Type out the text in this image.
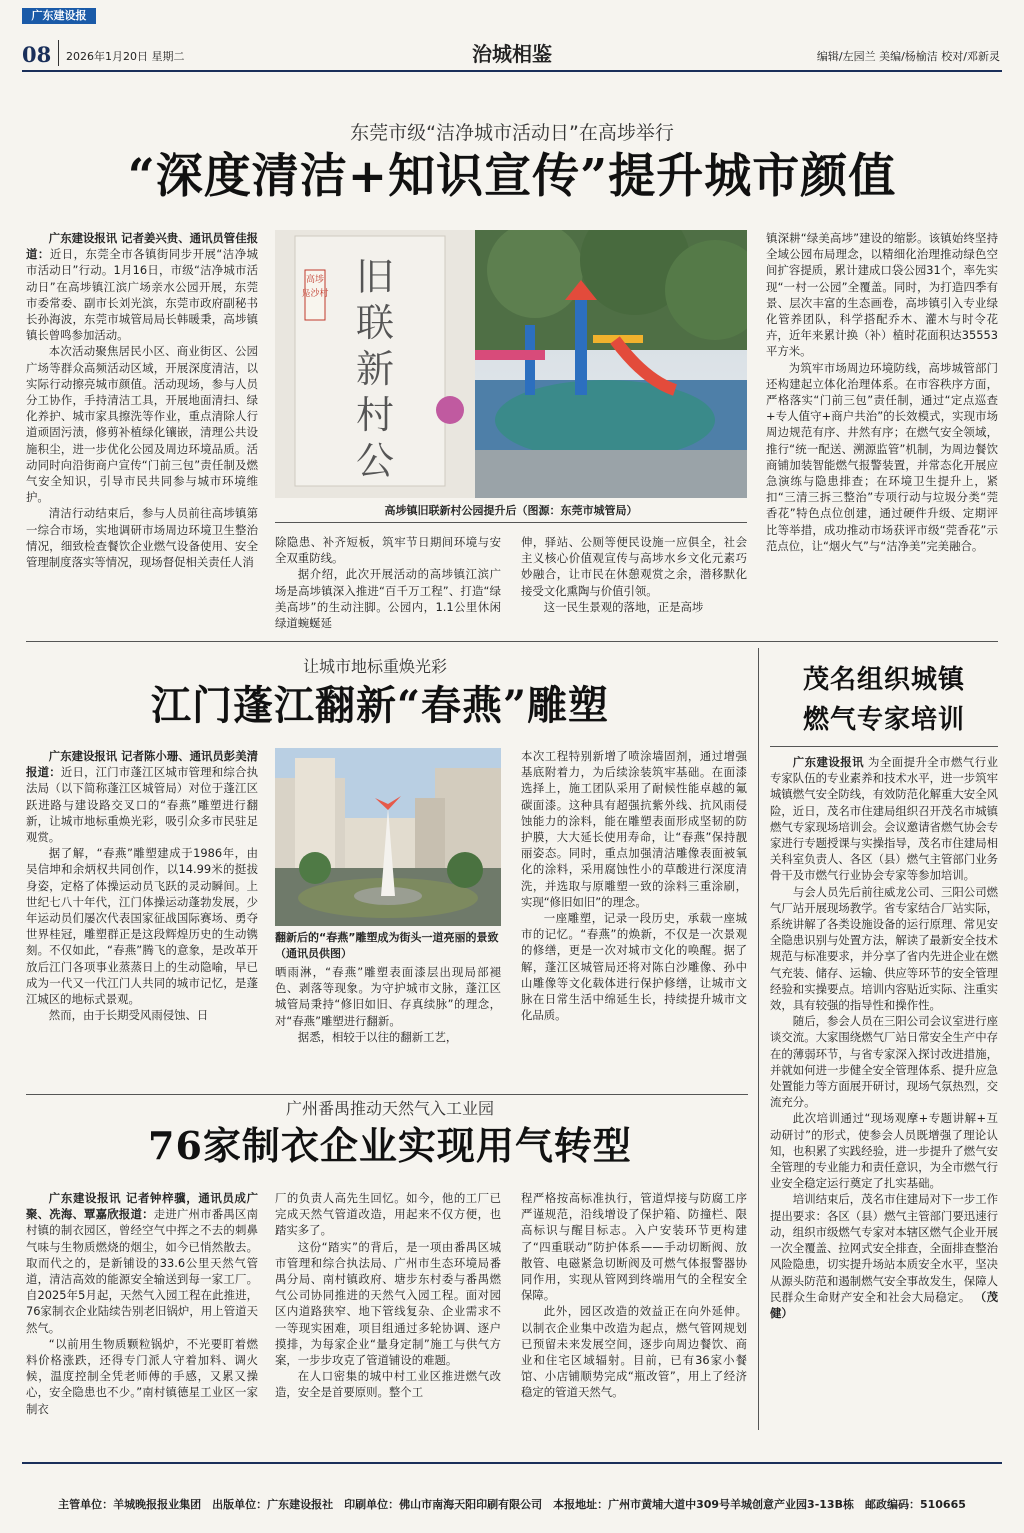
广东建设报
08 2026年1月20日 星期二	治城相鉴	编辑/左园兰 美编/杨榆洁 校对/邓新灵
东莞市级“洁净城市活动日”在高埗举行
“深度清洁+知识宣传”提升城市颜值

广东建设报讯 记者姜兴贵、通讯员管佳报道：近日，东莞全市各镇街同步开展“洁净城市活动日”行动。1月16日，市级“洁净城市活动日”在高埗镇江滨广场亲水公园开展，东莞市委常委、副市长刘光滨，东莞市政府副秘书长孙海波，东莞市城管局局长韩暖秉，高埗镇镇长曾鸣参加活动。

本次活动聚焦居民小区、商业街区、公园广场等群众高频活动区域，开展深度清洁，以实际行动擦亮城市颜值。活动现场，参与人员分工协作，手持清洁工具，开展地面清扫、绿化养护、城市家具擦洗等作业，重点清除人行道顽固污渍，修剪补植绿化镶嵌，清理公共设施积尘，进一步优化公园及周边环境品质。活动同时向沿街商户宣传“门前三包”责任制及燃气安全知识，引导市民共同参与城市环境维护。

清洁行动结束后，参与人员前往高埗镇第一综合市场，实地调研市场周边环境卫生整治情况，细致检查餐饮企业燃气设备使用、安全管理制度落实等情况，现场督促相关责任人消

高埗
凫沙村 旧
联
新
村
公
高埗镇旧联新村公园提升后（图源：东莞市城管局）

除隐患、补齐短板，筑牢节日期间环境与安全双重防线。

据介绍，此次开展活动的高埗镇江滨广场是高埗镇深入推进“百千万工程”、打造“绿美高埗”的生动注脚。公园内，1.1公里休闲绿道蜿蜒延

伸，驿站、公厕等便民设施一应俱全，社会主义核心价值观宣传与高埗水乡文化元素巧妙融合，让市民在休憩观赏之余，潜移默化接受文化熏陶与价值引领。

这一民生景观的落地，正是高埗

镇深耕“绿美高埗”建设的缩影。该镇始终坚持全域公园布局理念，以精细化治理推动绿色空间扩容提质，累计建成口袋公园31个，率先实现“一村一公园”全覆盖。同时，为打造四季有景、层次丰富的生态画卷，高埗镇引入专业绿化管养团队，科学搭配乔木、灌木与时令花卉，近年来累计换（补）植时花面积达35553平方米。

为筑牢市场周边环境防线，高埗城管部门还构建起立体化治理体系。在市容秩序方面，严格落实“门前三包”责任制，通过“定点巡查+专人值守+商户共治”的长效模式，实现市场周边规范有序、井然有序；在燃气安全领域，推行“统一配送、溯源监管”机制，为周边餐饮商铺加装智能燃气报警装置，并常态化开展应急演练与隐患排查；在环境卫生提升上，紧扣“三清三拆三整治”专项行动与垃圾分类“莞香花”特色点位创建，通过硬件升级、定期评比等举措，成功推动市场获评市级“莞香花”示范点位，让“烟火气”与“洁净美”完美融合。

让城市地标重焕光彩
江门蓬江翻新“春燕”雕塑

广东建设报讯 记者陈小珊、通讯员彭美清报道：近日，江门市蓬江区城市管理和综合执法局（以下简称蓬江区城管局）对位于蓬江区跃进路与建设路交叉口的“春燕”雕塑进行翻新，让城市地标重焕光彩，吸引众多市民驻足观赏。

据了解，“春燕”雕塑建成于1986年，由吴信坤和余炳权共同创作，以14.99米的挺拔身姿，定格了体操运动员飞跃的灵动瞬间。上世纪七八十年代，江门体操运动蓬勃发展，少年运动员们屡次代表国家征战国际赛场、勇夺世界桂冠，雕塑群正是这段辉煌历史的生动镌刻。不仅如此，“春燕”腾飞的意象，是改革开放后江门各项事业蒸蒸日上的生动隐喻，早已成为一代又一代江门人共同的城市记忆，是蓬江城区的地标式景观。

然而，由于长期受风雨侵蚀、日

翻新后的“春燕”雕塑成为街头一道亮丽的景致（通讯员供图）

晒雨淋，“春燕”雕塑表面漆层出现局部褪色、剥落等现象。为守护城市文脉，蓬江区城管局秉持“修旧如旧、存真续脉”的理念，对“春燕”雕塑进行翻新。

据悉，相较于以往的翻新工艺，

本次工程特别新增了喷涂墙固剂，通过增强基底附着力，为后续涂装筑牢基础。在面漆选择上，施工团队采用了耐候性能卓越的氟碳面漆。这种具有超强抗紫外线、抗风雨侵蚀能力的涂料，能在雕塑表面形成坚韧的防护膜，大大延长使用寿命，让“春燕”保持靓丽姿态。同时，重点加强清洁雕像表面被氧化的涂料，采用腐蚀性小的草酸进行深度清洗，并选取与原雕塑一致的涂料三重涂刷，实现“修旧如旧”的理念。

一座雕塑，记录一段历史，承载一座城市的记忆。“春燕”的焕新，不仅是一次景观的修缮，更是一次对城市文化的唤醒。据了解，蓬江区城管局还将对陈白沙雕像、孙中山雕像等文化载体进行保护修缮，让城市文脉在日常生活中绵延生长，持续提升城市文化品质。

茂名组织城镇
燃气专家培训

广东建设报讯 为全面提升全市燃气行业专家队伍的专业素养和技术水平，进一步筑牢城镇燃气安全防线，有效防范化解重大安全风险，近日，茂名市住建局组织召开茂名市城镇燃气专家现场培训会。会议邀请省燃气协会专家进行专题授课与实操指导，茂名市住建局相关科室负责人、各区（县）燃气主管部门业务骨干及市燃气行业协会专家等参加培训。

与会人员先后前往威龙公司、三阳公司燃气厂站开展现场教学。省专家结合厂站实际，系统讲解了各类设施设备的运行原理、常见安全隐患识别与处置方法，解读了最新安全技术规范与标准要求，并分享了省内先进企业在燃气充装、储存、运输、供应等环节的安全管理经验和实操要点。培训内容贴近实际、注重实效，具有较强的指导性和操作性。

随后，参会人员在三阳公司会议室进行座谈交流。大家围绕燃气厂站日常安全生产中存在的薄弱环节，与省专家深入探讨改进措施，并就如何进一步健全安全管理体系、提升应急处置能力等方面展开研讨，现场气氛热烈，交流充分。

此次培训通过“现场观摩+专题讲解+互动研讨”的形式，使参会人员既增强了理论认知，也积累了实践经验，进一步提升了燃气安全管理的专业能力和责任意识，为全市燃气行业安全稳定运行奠定了扎实基础。

培训结束后，茂名市住建局对下一步工作提出要求：各区（县）燃气主管部门要迅速行动，组织市级燃气专家对本辖区燃气企业开展一次全覆盖、拉网式安全排查，全面排查整治风险隐患，切实提升场站本质安全水平，坚决从源头防范和遏制燃气安全事故发生，保障人民群众生命财产安全和社会大局稳定。 （茂健）

广州番禺推动天然气入工业园
76家制衣企业实现用气转型

广东建设报讯 记者钟梓骥，通讯员成广聚、冼海、覃嘉欣报道：走进广州市番禺区南村镇的制衣园区，曾经空气中挥之不去的刺鼻气味与生物质燃烧的烟尘，如今已悄然散去。取而代之的，是新铺设的33.6公里天然气管道，清洁高效的能源安全输送到每一家工厂。自2025年5月起，天然气入园工程在此推进，76家制衣企业陆续告别老旧锅炉，用上管道天然气。

“以前用生物质颗粒锅炉，不光要盯着燃料价格涨跌，还得专门派人守着加料、调火候，温度控制全凭老师傅的手感，又累又操心，安全隐患也不少。”南村镇德星工业区一家制衣

厂的负责人高先生回忆。如今，他的工厂已完成天然气管道改造，用起来不仅方便，也踏实多了。

这份“踏实”的背后，是一项由番禺区城市管理和综合执法局、广州市生态环境局番禺分局、南村镇政府、塘步东村委与番禺燃气公司协同推进的天然气入园工程。面对园区内道路狭窄、地下管线复杂、企业需求不一等现实困难，项目组通过多轮协调、逐户摸排，为每家企业“量身定制”施工与供气方案，一步步攻克了管道铺设的难题。

在人口密集的城中村工业区推进燃气改造，安全是首要原则。整个工

程严格按高标准执行，管道焊接与防腐工序严谨规范，沿线增设了保护箱、防撞栏、限高标识与醒目标志。入户安装环节更构建了“四重联动”防护体系——手动切断阀、放散管、电磁紧急切断阀及可燃气体报警器协同作用，实现从管网到终端用气的全程安全保障。

此外，园区改造的效益正在向外延伸。以制衣企业集中改造为起点，燃气管网规划已预留未来发展空间，逐步向周边餐饮、商业和住宅区域辐射。目前，已有36家小餐馆、小店铺顺势完成“瓶改管”，用上了经济稳定的管道天然气。

主管单位：羊城晚报报业集团　出版单位：广东建设报社　印刷单位：佛山市南海天阳印刷有限公司　本报地址：广州市黄埔大道中309号羊城创意产业园3-13B栋　邮政编码：510665
